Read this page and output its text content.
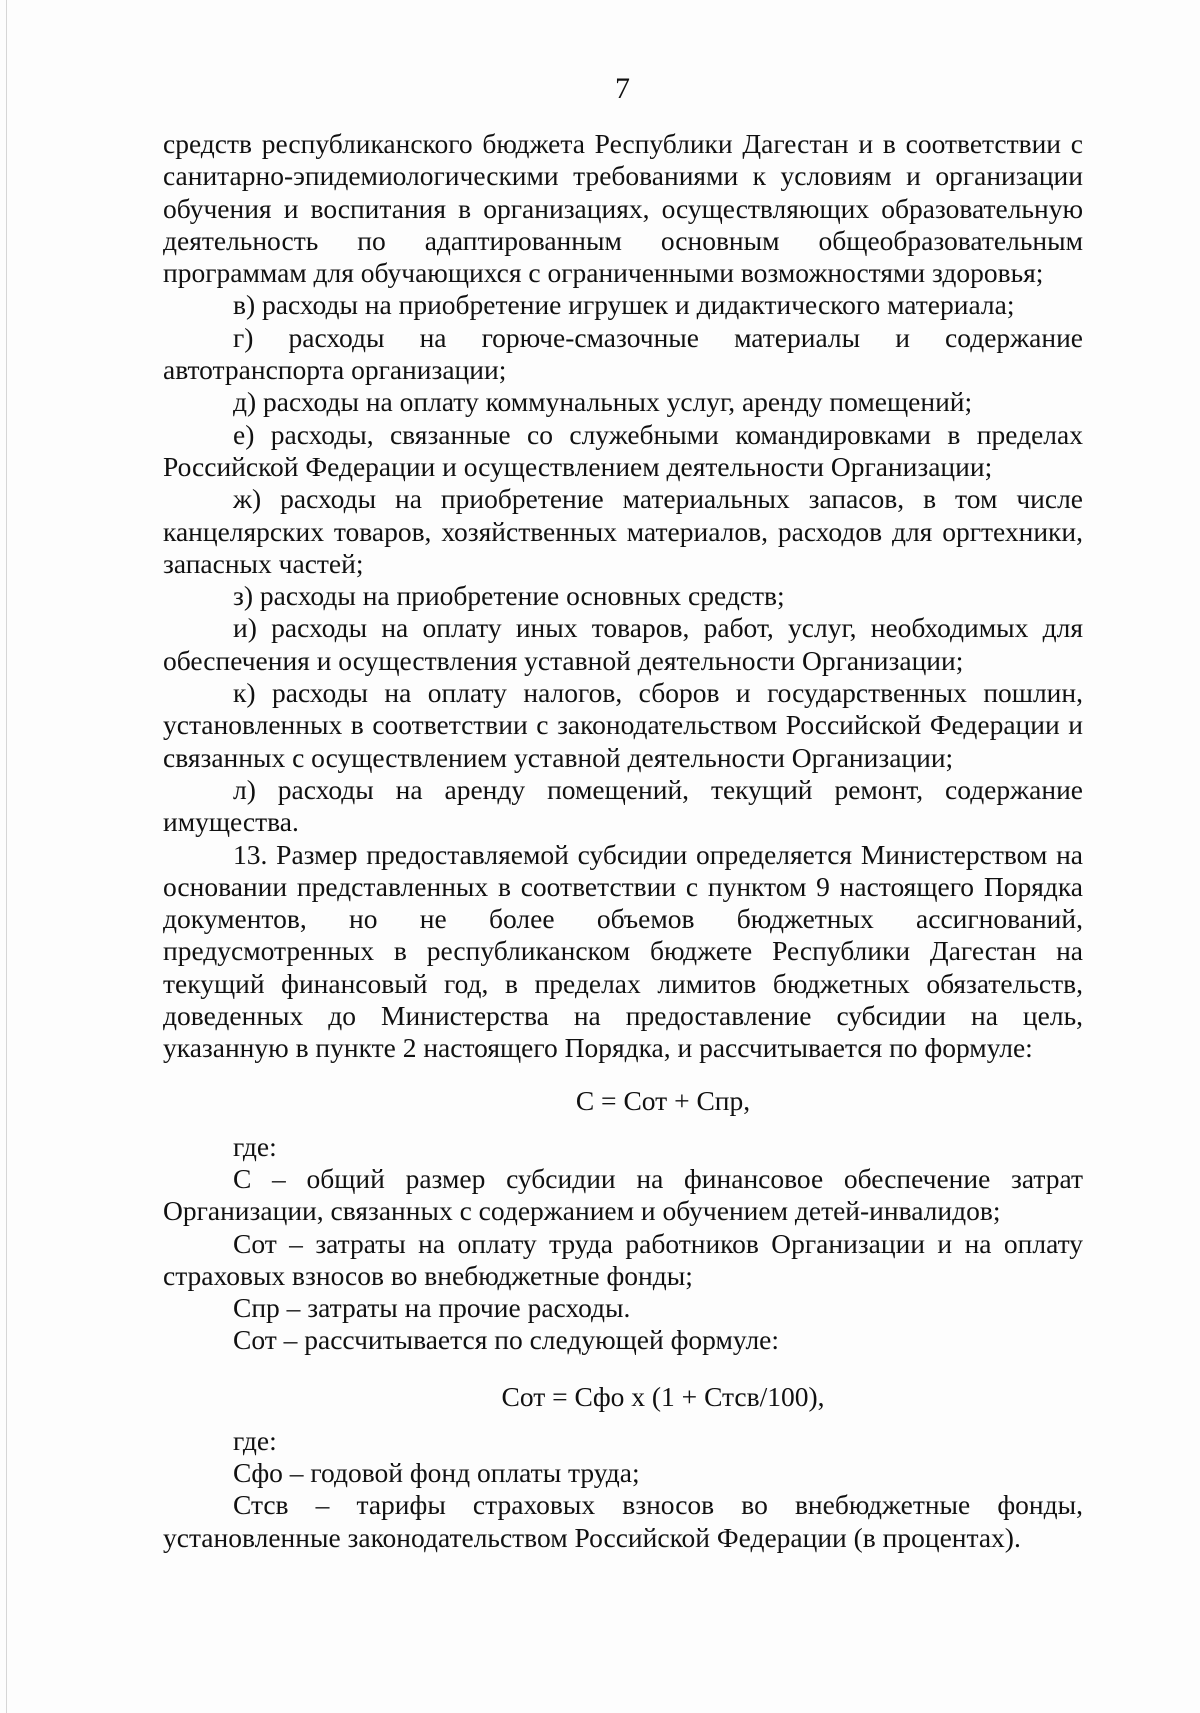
7

средств республиканского бюджета Республики Дагестан и в соответствии с санитарно-эпидемиологическими требованиями к условиям и организации обучения и воспитания в организациях, осуществляющих образовательную деятельность по адаптированным основным общеобразовательным программам для обучающихся с ограниченными возможностями здоровья;

в) расходы на приобретение игрушек и дидактического материала;

г) расходы на горюче-смазочные материалы и содержание автотранспорта организации;

д) расходы на оплату коммунальных услуг, аренду помещений;

е) расходы, связанные со служебными командировками в пределах Российской Федерации и осуществлением деятельности Организации;

ж) расходы на приобретение материальных запасов, в том числе канцелярских товаров, хозяйственных материалов, расходов для оргтехники, запасных частей;

з) расходы на приобретение основных средств;

и) расходы на оплату иных товаров, работ, услуг, необходимых для обеспечения и осуществления уставной деятельности Организации;

к) расходы на оплату налогов, сборов и государственных пошлин, установленных в соответствии с законодательством Российской Федерации и связанных с осуществлением уставной деятельности Организации;

л) расходы на аренду помещений, текущий ремонт, содержание имущества.

13. Размер предоставляемой субсидии определяется Министерством на основании представленных в соответствии с пунктом 9 настоящего Порядка документов, но не более объемов бюджетных ассигнований, предусмотренных в республиканском бюджете Республики Дагестан на текущий финансовый год, в пределах лимитов бюджетных обязательств, доведенных до Министерства на предоставление субсидии на цель, указанную в пункте 2 настоящего Порядка, и рассчитывается по формуле:

С = Сот + Спр,

где:

С – общий размер субсидии на финансовое обеспечение затрат Организации, связанных с содержанием и обучением детей-инвалидов;

Сот – затраты на оплату труда работников Организации и на оплату страховых взносов во внебюджетные фонды;

Спр – затраты на прочие расходы.

Сот – рассчитывается по следующей формуле:

Сот = Сфо х (1 + Стсв/100),

где:

Сфо – годовой фонд оплаты труда;

Стсв – тарифы страховых взносов во внебюджетные фонды, установленные законодательством Российской Федерации (в процентах).
